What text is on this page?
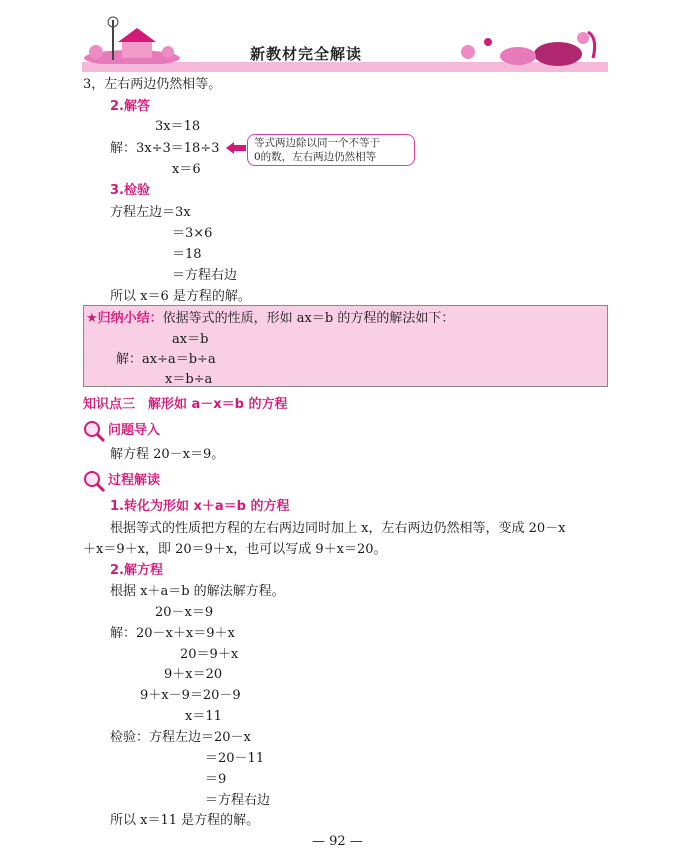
新教材完全解读
3，左右两边仍然相等。
2.解答
3x＝18
解：3x÷3＝18÷3
x＝6
等式两边除以同一个不等于
0的数，左右两边仍然相等
3.检验
方程左边＝3x
＝3×6
＝18
＝方程右边
所以 x＝6 是方程的解。
★归纳小结：依据等式的性质，形如 ax＝b 的方程的解法如下：
ax＝b
解：ax÷a＝b÷a
x＝b÷a
知识点三　解形如 a－x＝b 的方程
问题导入
解方程 20－x＝9。
过程解读
1.转化为形如 x＋a＝b 的方程
根据等式的性质把方程的左右两边同时加上 x，左右两边仍然相等，变成 20－x
＋x＝9＋x，即 20＝9＋x，也可以写成 9＋x＝20。
2.解方程
根据 x＋a＝b 的解法解方程。
20－x＝9
解：20－x＋x＝9＋x
20＝9＋x
9＋x＝20
9＋x－9＝20－9
x＝11
检验：方程左边＝20－x
＝20－11
＝9
＝方程右边
所以 x＝11 是方程的解。
— 92 —
